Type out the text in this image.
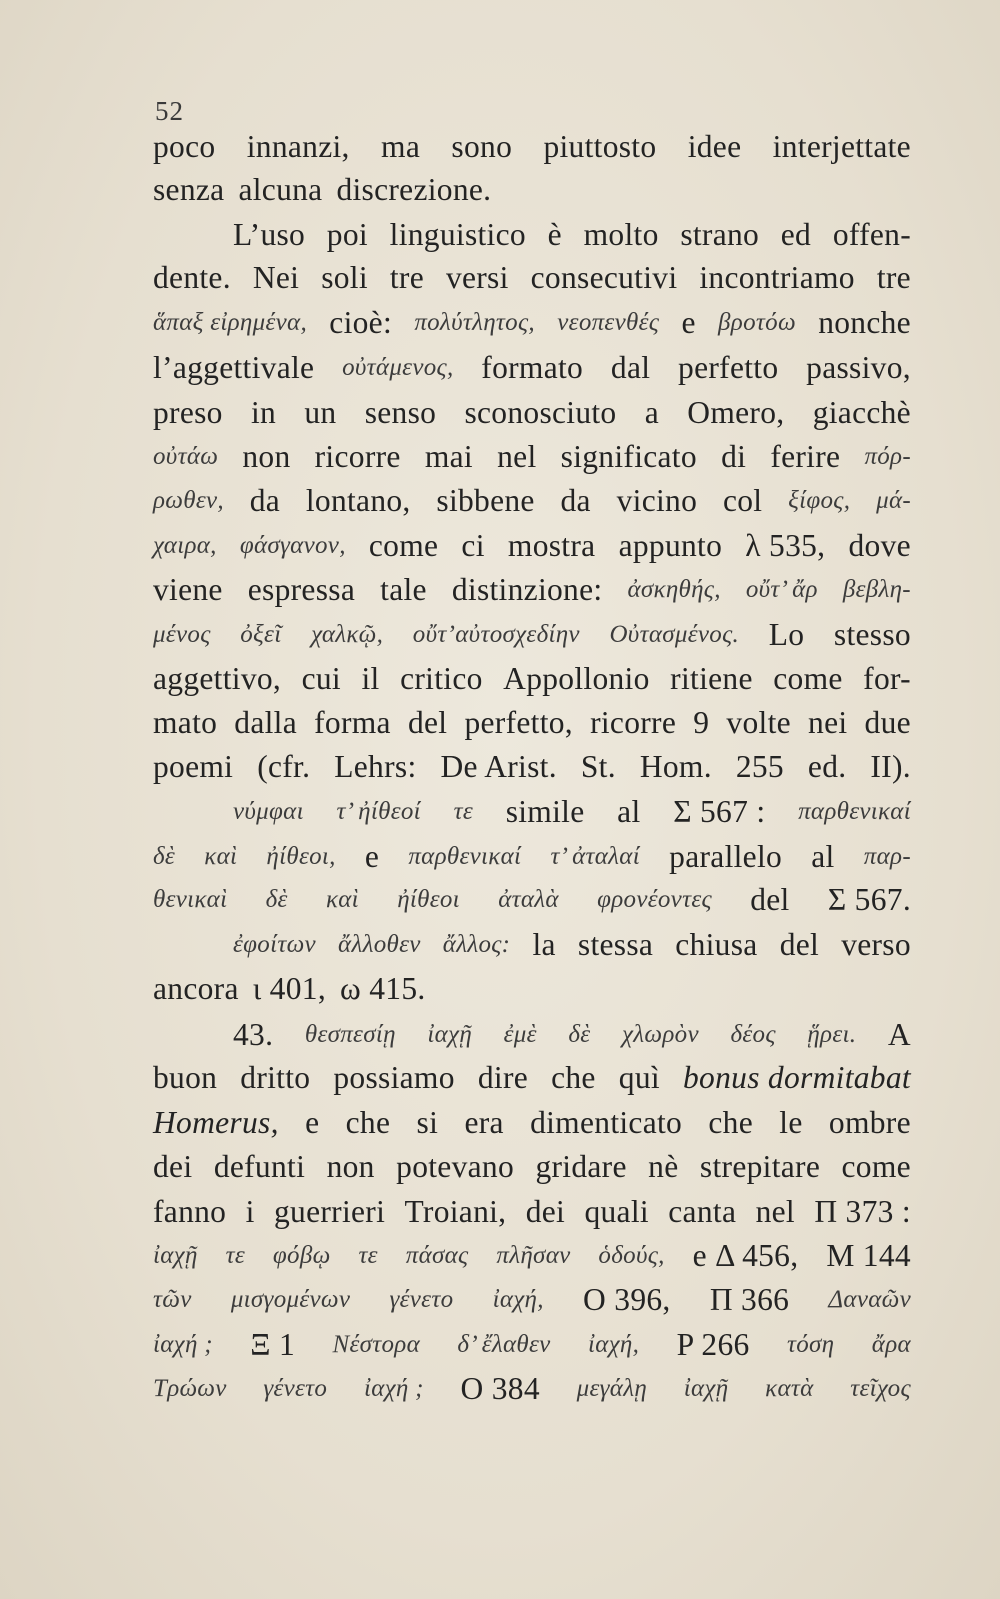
52
poco innanzi, ma sono piuttosto idee interjettate
senza alcuna discrezione.
L’uso poi linguistico è molto strano ed offen-
dente. Nei soli tre versi consecutivi incontriamo tre
ἅπαξ εἰρημένα, cioè: πολύτλητος, νεοπενθές e βροτόω nonche
l’aggettivale οὐτάμενος, formato dal perfetto passivo,
preso in un senso sconosciuto a Omero, giacchè
οὐτάω non ricorre mai nel significato di ferire πόρ-
ρωθεν, da lontano, sibbene da vicino col ξίφος, μά-
χαιρα, φάσγανον, come ci mostra appunto λ 535, dove
viene espressa tale distinzione: ἀσκηθής, οὔτ’ ἄρ βεβλη-
μένος ὀξεῖ χαλκῷ, οὔτ’αὐτοσχεδίην Οὐτασμένος. Lo stesso
aggettivo, cui il critico Appollonio ritiene come for-
mato dalla forma del perfetto, ricorre 9 volte nei due
poemi (cfr. Lehrs: De Arist. St. Hom. 255 ed. II).
νύμφαι τ’ ἠίθεοί τε simile al Σ 567 : παρθενικαί
δὲ καὶ ἠίθεοι, e παρθενικαί τ’ ἀταλαί parallelo al παρ-
θενικαὶ δὲ καὶ ἠίθεοι ἀταλὰ φρονέοντες del Σ 567.
ἐφοίτων ἄλλοθεν ἄλλος: la stessa chiusa del verso
ancora ι 401, ω 415.
43. θεσπεσίῃ ἰαχῇ ἐμὲ δὲ χλωρὸν δέος ᾕρει. A
buon dritto possiamo dire che quì bonus dormitabat
Homerus, e che si era dimenticato che le ombre
dei defunti non potevano gridare nè strepitare come
fanno i guerrieri Troiani, dei quali canta nel Π 373 :
ἰαχῇ τε φόβῳ τε πάσας πλῆσαν ὁδούς, e Δ 456, M 144
τῶν μισγομένων γένετο ἰαχή, O 396, Π 366 Δαναῶν
ἰαχή ; Ξ 1 Νέστορα δ’ ἔλαθεν ἰαχή, P 266 τόση ἄρα
Τρώων γένετο ἰαχή ; O 384 μεγάλῃ ἰαχῇ κατὰ τεῖχος
